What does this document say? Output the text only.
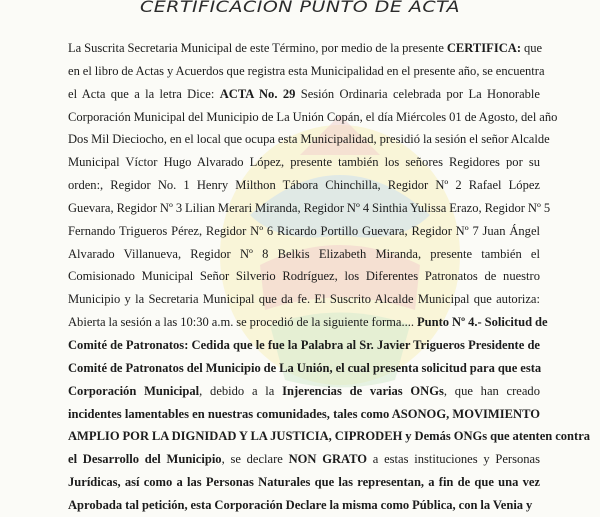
CERTIFICACION PUNTO DE ACTA
La Suscrita Secretaria Municipal de este Término, por medio de la presente CERTIFICA: que
en el libro de Actas y Acuerdos que registra esta Municipalidad en el presente año, se encuentra
el Acta que a la letra Dice: ACTA No. 29 Sesión Ordinaria celebrada por La Honorable
Corporación Municipal del Municipio de La Unión Copán, el día Miércoles 01 de Agosto, del año
Dos Mil Dieciocho, en el local que ocupa esta Municipalidad, presidió la sesión el señor Alcalde
Municipal Víctor Hugo Alvarado López, presente también los señores Regidores por su
orden:, Regidor No. 1 Henry Milthon Tábora Chinchilla, Regidor Nº 2 Rafael López
Guevara, Regidor Nº 3 Lilian Merari Miranda, Regidor Nº 4 Sinthia Yulissa Erazo, Regidor Nº 5
Fernando Trigueros Pérez, Regidor Nº 6 Ricardo Portillo Guevara, Regidor Nº 7 Juan Ángel
Alvarado Villanueva, Regidor Nº 8 Belkis Elizabeth Miranda, presente también el
Comisionado Municipal Señor Silverio Rodríguez, los Diferentes Patronatos de nuestro
Municipio y la Secretaria Municipal que da fe. El Suscrito Alcalde Municipal que autoriza:
Abierta la sesión a las 10:30 a.m. se procedió de la siguiente forma.... Punto Nº 4.- Solicitud de
Comité de Patronatos: Cedida que le fue la Palabra al Sr. Javier Trigueros Presidente de
Comité de Patronatos del Municipio de La Unión, el cual presenta solicitud para que esta
Corporación Municipal, debido a la Injerencias de varias ONGs, que han creado
incidentes lamentables en nuestras comunidades, tales como ASONOG, MOVIMIENTO
AMPLIO POR LA DIGNIDAD Y LA JUSTICIA, CIPRODEH y Demás ONGs que atenten contra
el Desarrollo del Municipio, se declare NON GRATO a estas instituciones y Personas
Jurídicas, así como a las Personas Naturales que las representan, a fin de que una vez
Aprobada tal petición, esta Corporación Declare la misma como Pública, con la Venia y
